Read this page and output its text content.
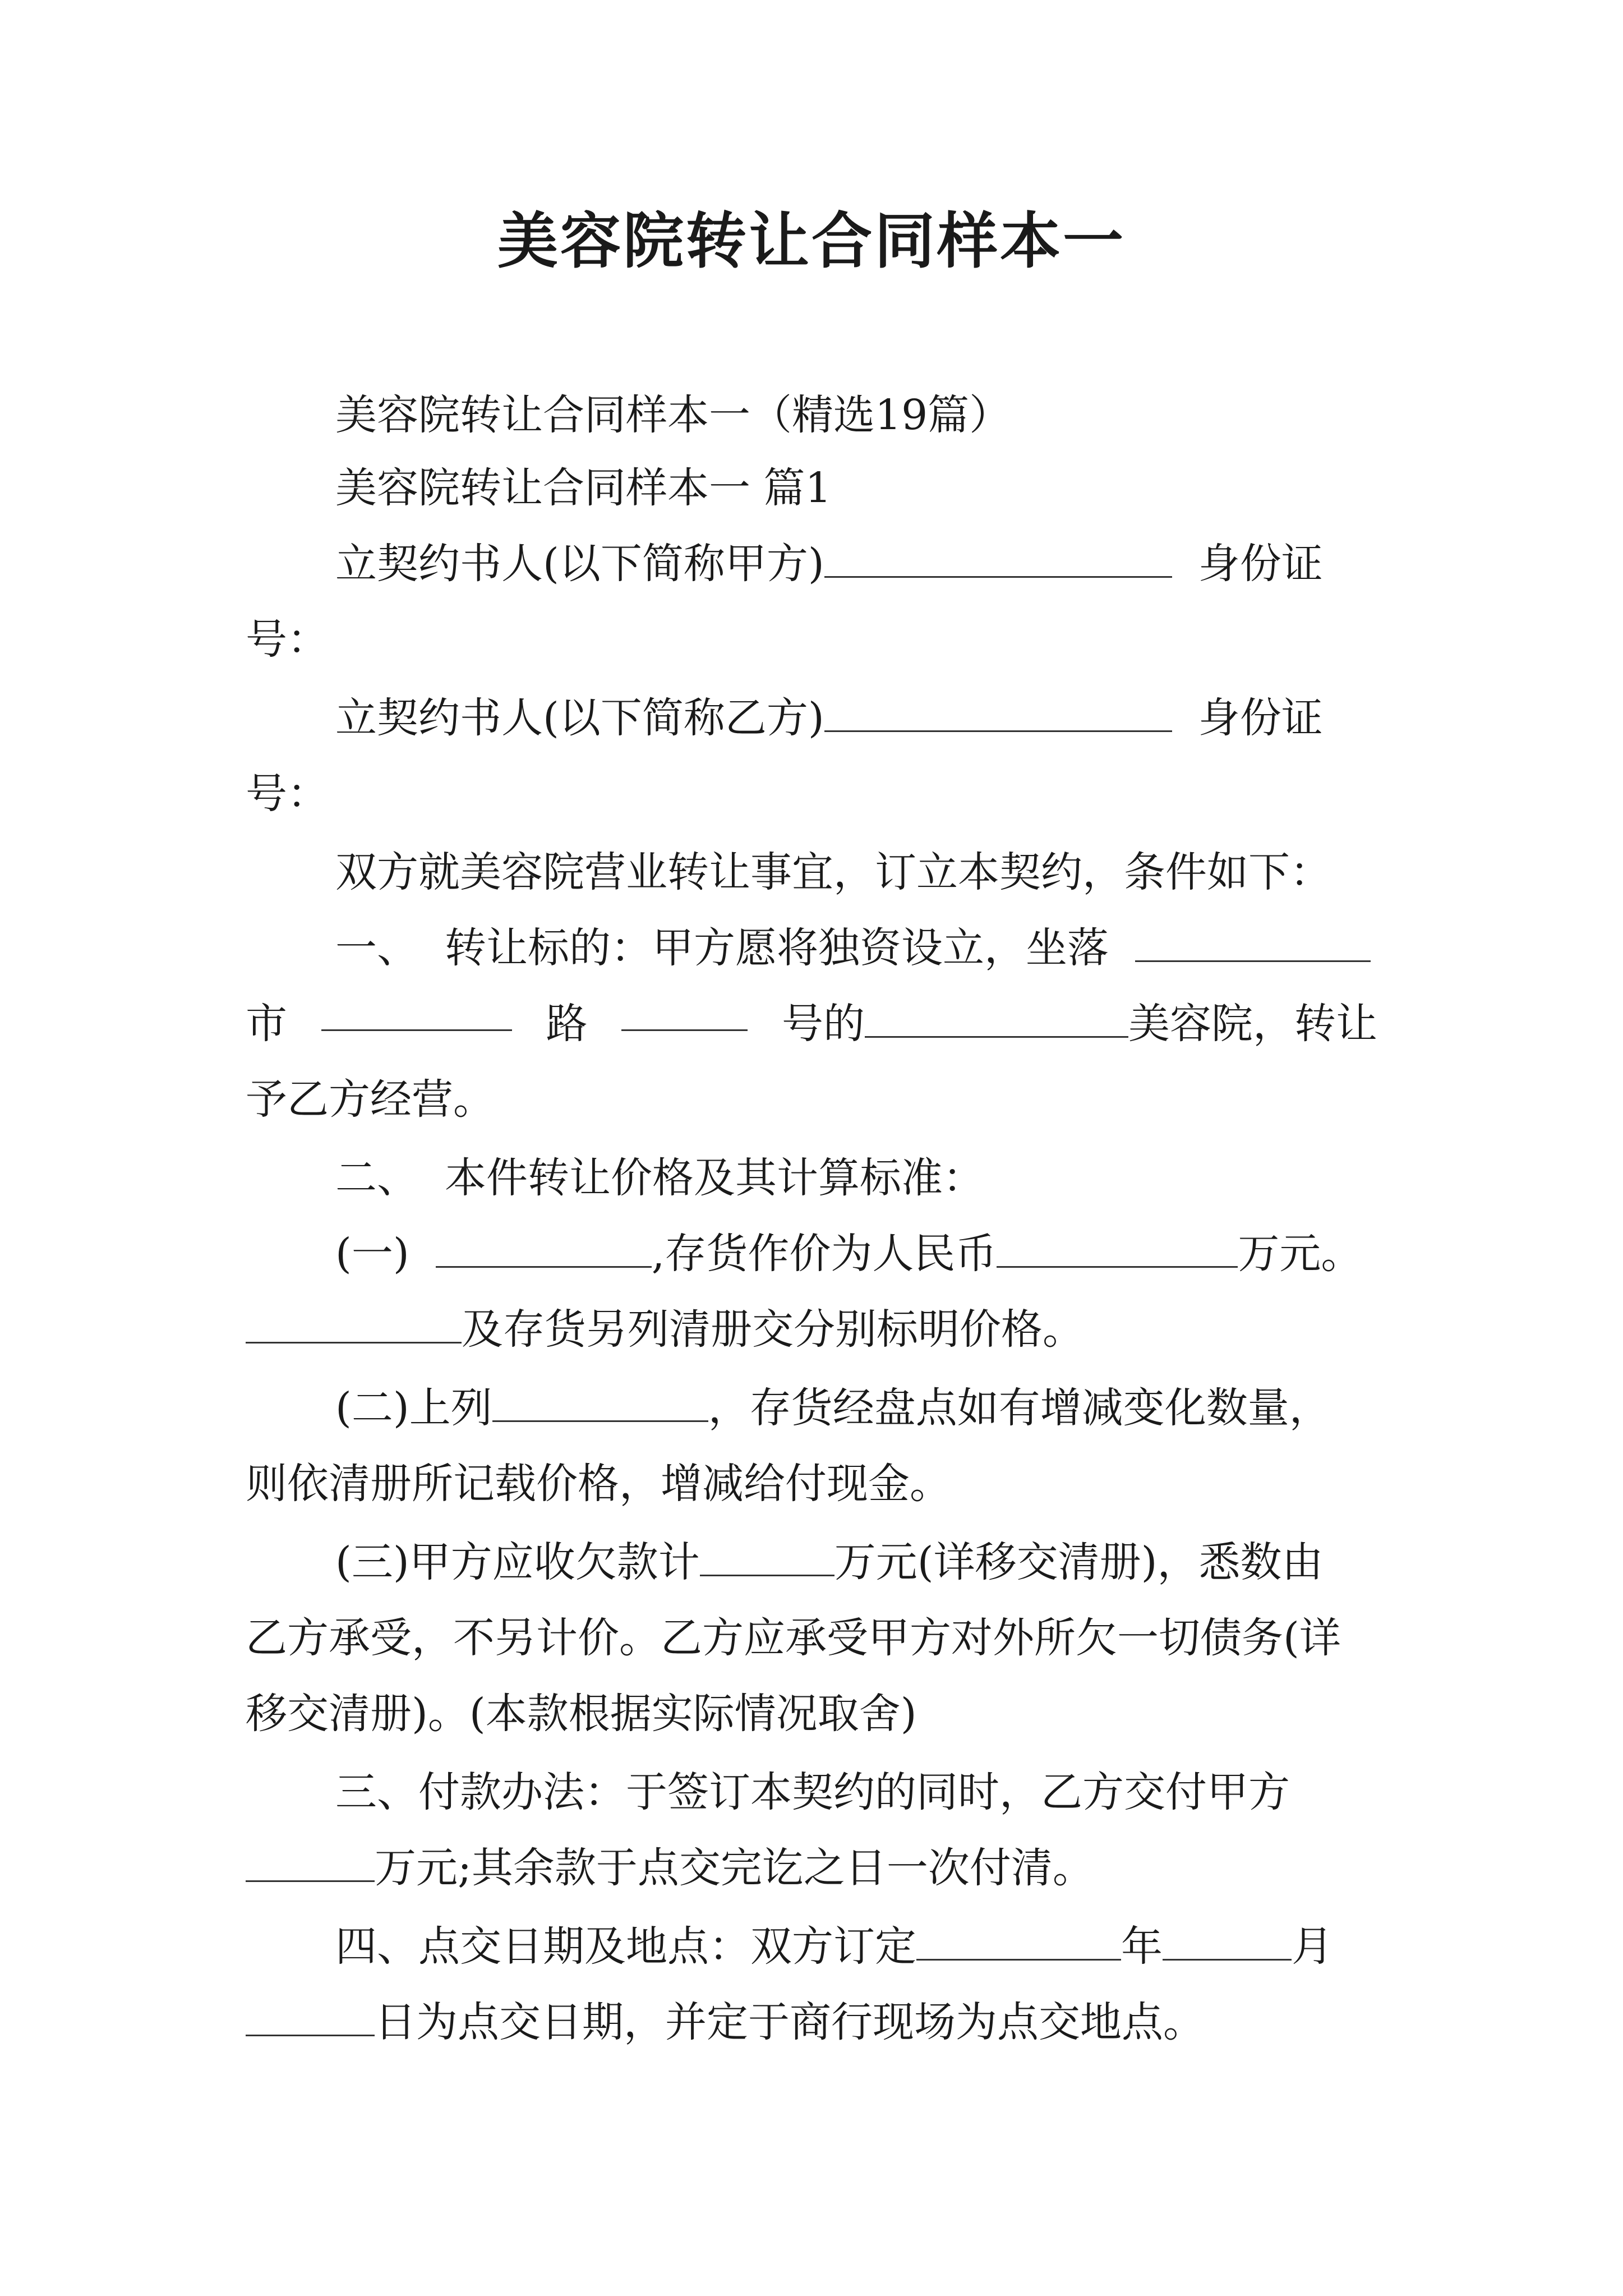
美容院转让合同样本一
美容院转让合同样本一（精选19篇）
美容院转让合同样本一 篇1
立契约书人(以下简称甲方)	身份证
号：
立契约书人(以下简称乙方)	身份证
号：
双方就美容院营业转让事宜，订立本契约，条件如下：
一、  转让标的：甲方愿将独资设立，坐落
市	路	号的	美容院，转让
予乙方经营。
二、  本件转让价格及其计算标准：
(一)	,存货作价为人民币	万元。
及存货另列清册交分别标明价格。
(二)上列	，存货经盘点如有增减变化数量，
则依清册所记载价格，增减给付现金。
(三)甲方应收欠款计	万元(详移交清册)，悉数由
乙方承受，不另计价。乙方应承受甲方对外所欠一切债务(详
移交清册)。(本款根据实际情况取舍)
三、付款办法：于签订本契约的同时，乙方交付甲方
万元;其余款于点交完讫之日一次付清。
四、点交日期及地点：双方订定	年	月
日为点交日期，并定于商行现场为点交地点。
